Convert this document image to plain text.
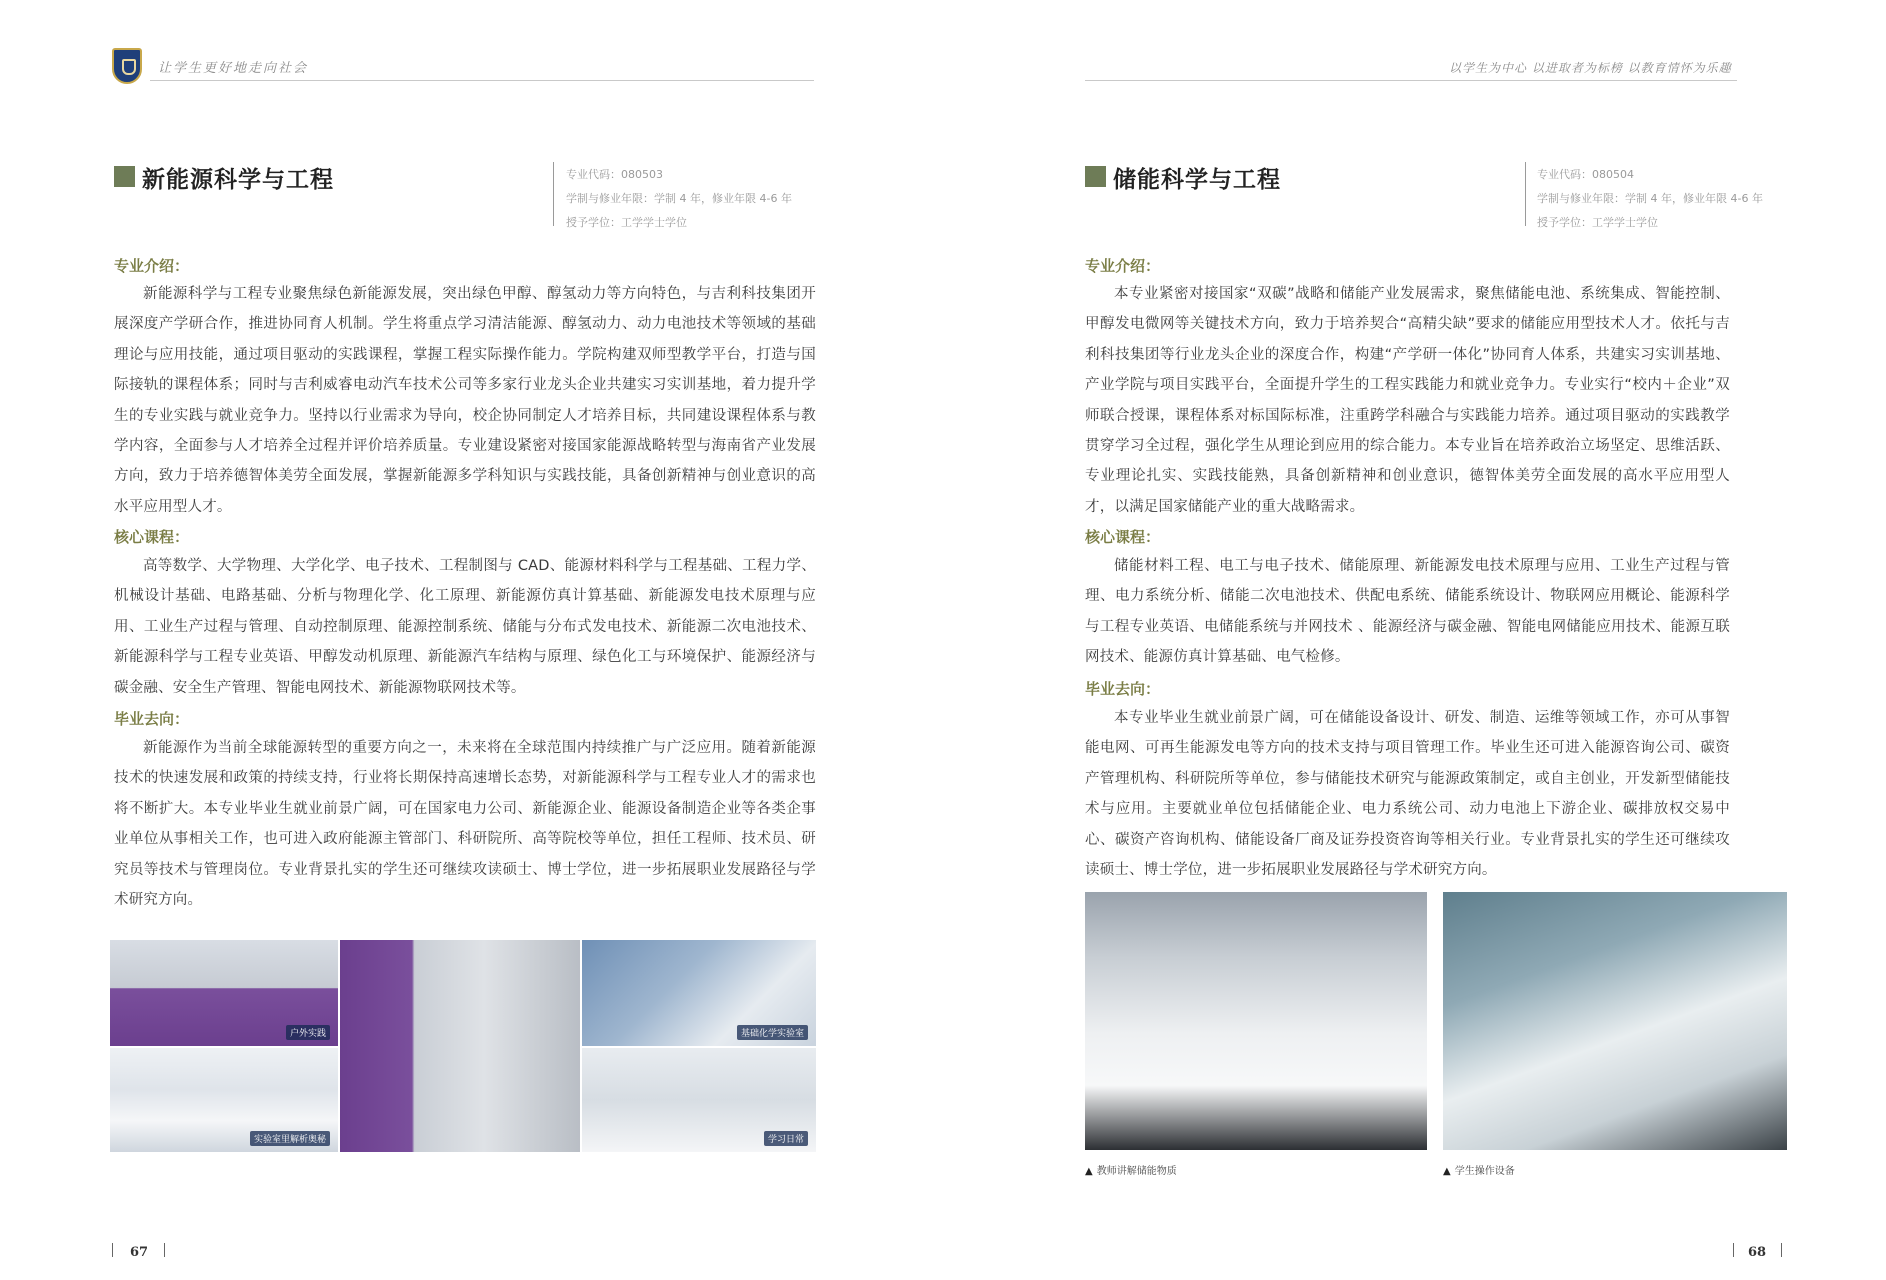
让学生更好地走向社会
新能源科学与工程	专业代码：080503
学制与修业年限：学制 4 年，修业年限 4-6 年
授予学位：工学学士学位
专业介绍：

新能源科学与工程专业聚焦绿色新能源发展，突出绿色甲醇、醇氢动力等方向特色，与吉利科技集团开展深度产学研合作，推进协同育人机制。学生将重点学习清洁能源、醇氢动力、动力电池技术等领域的基础理论与应用技能，通过项目驱动的实践课程，掌握工程实际操作能力。学院构建双师型教学平台，打造与国际接轨的课程体系；同时与吉利威睿电动汽车技术公司等多家行业龙头企业共建实习实训基地，着力提升学生的专业实践与就业竞争力。坚持以行业需求为导向，校企协同制定人才培养目标，共同建设课程体系与教学内容，全面参与人才培养全过程并评价培养质量。专业建设紧密对接国家能源战略转型与海南省产业发展方向，致力于培养德智体美劳全面发展，掌握新能源多学科知识与实践技能，具备创新精神与创业意识的高水平应用型人才。

核心课程：

高等数学、大学物理、大学化学、电子技术、工程制图与 CAD、能源材料科学与工程基础、工程力学、机械设计基础、电路基础、分析与物理化学、化工原理、新能源仿真计算基础、新能源发电技术原理与应用、工业生产过程与管理、自动控制原理、能源控制系统、储能与分布式发电技术、新能源二次电池技术、新能源科学与工程专业英语、甲醇发动机原理、新能源汽车结构与原理、绿色化工与环境保护、能源经济与碳金融、安全生产管理、智能电网技术、新能源物联网技术等。

毕业去向：

新能源作为当前全球能源转型的重要方向之一，未来将在全球范围内持续推广与广泛应用。随着新能源技术的快速发展和政策的持续支持，行业将长期保持高速增长态势，对新能源科学与工程专业人才的需求也将不断扩大。本专业毕业生就业前景广阔，可在国家电力公司、新能源企业、能源设备制造企业等各类企事业单位从事相关工作，也可进入政府能源主管部门、科研院所、高等院校等单位，担任工程师、技术员、研究员等技术与管理岗位。专业背景扎实的学生还可继续攻读硕士、博士学位，进一步拓展职业发展路径与学术研究方向。

户外实践
实验室里解析奥秘
基础化学实验室
学习日常
67
以学生为中心 以进取者为标榜 以教育情怀为乐趣
储能科学与工程	专业代码：080504
学制与修业年限：学制 4 年，修业年限 4-6 年
授予学位：工学学士学位
专业介绍：

本专业紧密对接国家“双碳”战略和储能产业发展需求，聚焦储能电池、系统集成、智能控制、甲醇发电微网等关键技术方向，致力于培养契合“高精尖缺”要求的储能应用型技术人才。依托与吉利科技集团等行业龙头企业的深度合作，构建“产学研一体化”协同育人体系，共建实习实训基地、产业学院与项目实践平台，全面提升学生的工程实践能力和就业竞争力。专业实行“校内＋企业”双师联合授课，课程体系对标国际标准，注重跨学科融合与实践能力培养。通过项目驱动的实践教学贯穿学习全过程，强化学生从理论到应用的综合能力。本专业旨在培养政治立场坚定、思维活跃、专业理论扎实、实践技能熟，具备创新精神和创业意识，德智体美劳全面发展的高水平应用型人才，以满足国家储能产业的重大战略需求。

核心课程：

储能材料工程、电工与电子技术、储能原理、新能源发电技术原理与应用、工业生产过程与管理、电力系统分析、储能二次电池技术、供配电系统、储能系统设计、物联网应用概论、能源科学与工程专业英语、电储能系统与并网技术 、能源经济与碳金融、智能电网储能应用技术、能源互联网技术、能源仿真计算基础、电气检修。

毕业去向：

本专业毕业生就业前景广阔，可在储能设备设计、研发、制造、运维等领域工作，亦可从事智能电网、可再生能源发电等方向的技术支持与项目管理工作。毕业生还可进入能源咨询公司、碳资产管理机构、科研院所等单位，参与储能技术研究与能源政策制定，或自主创业，开发新型储能技术与应用。主要就业单位包括储能企业、电力系统公司、动力电池上下游企业、碳排放权交易中心、碳资产咨询机构、储能设备厂商及证券投资咨询等相关行业。专业背景扎实的学生还可继续攻读硕士、博士学位，进一步拓展职业发展路径与学术研究方向。

▲ 教师讲解储能物质	▲ 学生操作设备
68
